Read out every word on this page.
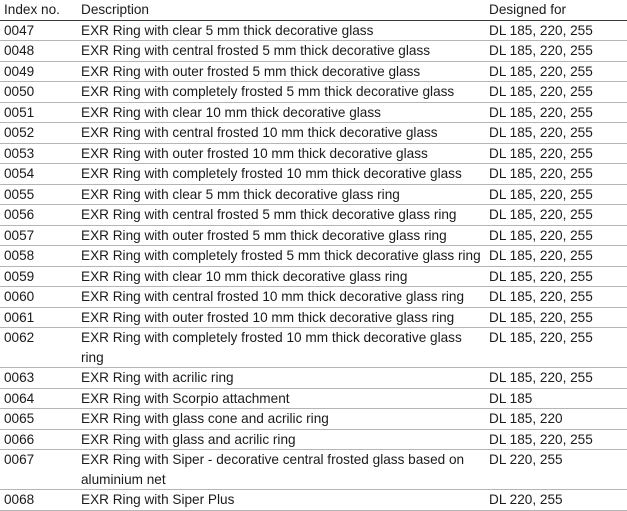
Index no.	Description	Designed for
0047	EXR Ring with clear 5 mm thick decorative glass	DL 185, 220, 255
0048	EXR Ring with central frosted 5 mm thick decorative glass	DL 185, 220, 255
0049	EXR Ring with outer frosted 5 mm thick decorative glass	DL 185, 220, 255
0050	EXR Ring with completely frosted 5 mm thick decorative glass	DL 185, 220, 255
0051	EXR Ring with clear 10 mm thick decorative glass	DL 185, 220, 255
0052	EXR Ring with central frosted 10 mm thick decorative glass	DL 185, 220, 255
0053	EXR Ring with outer frosted 10 mm thick decorative glass	DL 185, 220, 255
0054	EXR Ring with completely frosted 10 mm thick decorative glass	DL 185, 220, 255
0055	EXR Ring with clear 5 mm thick decorative glass ring	DL 185, 220, 255
0056	EXR Ring with central frosted 5 mm thick decorative glass ring	DL 185, 220, 255
0057	EXR Ring with outer frosted 5 mm thick decorative glass ring	DL 185, 220, 255
0058	EXR Ring with completely frosted 5 mm thick decorative glass ring	DL 185, 220, 255
0059	EXR Ring with clear 10 mm thick decorative glass ring	DL 185, 220, 255
0060	EXR Ring with central frosted 10 mm thick decorative glass ring	DL 185, 220, 255
0061	EXR Ring with outer frosted 10 mm thick decorative glass ring	DL 185, 220, 255
0062	EXR Ring with completely frosted 10 mm thick decorative glass ring	DL 185, 220, 255
0063	EXR Ring with acrilic ring	DL 185, 220, 255
0064	EXR Ring with Scorpio attachment	DL 185
0065	EXR Ring with glass cone and acrilic ring	DL 185, 220
0066	EXR Ring with glass and acrilic ring	DL 185, 220, 255
0067	EXR Ring with Siper - decorative central frosted glass based on aluminium net	DL 220, 255
0068	EXR Ring with Siper Plus	DL 220, 255
